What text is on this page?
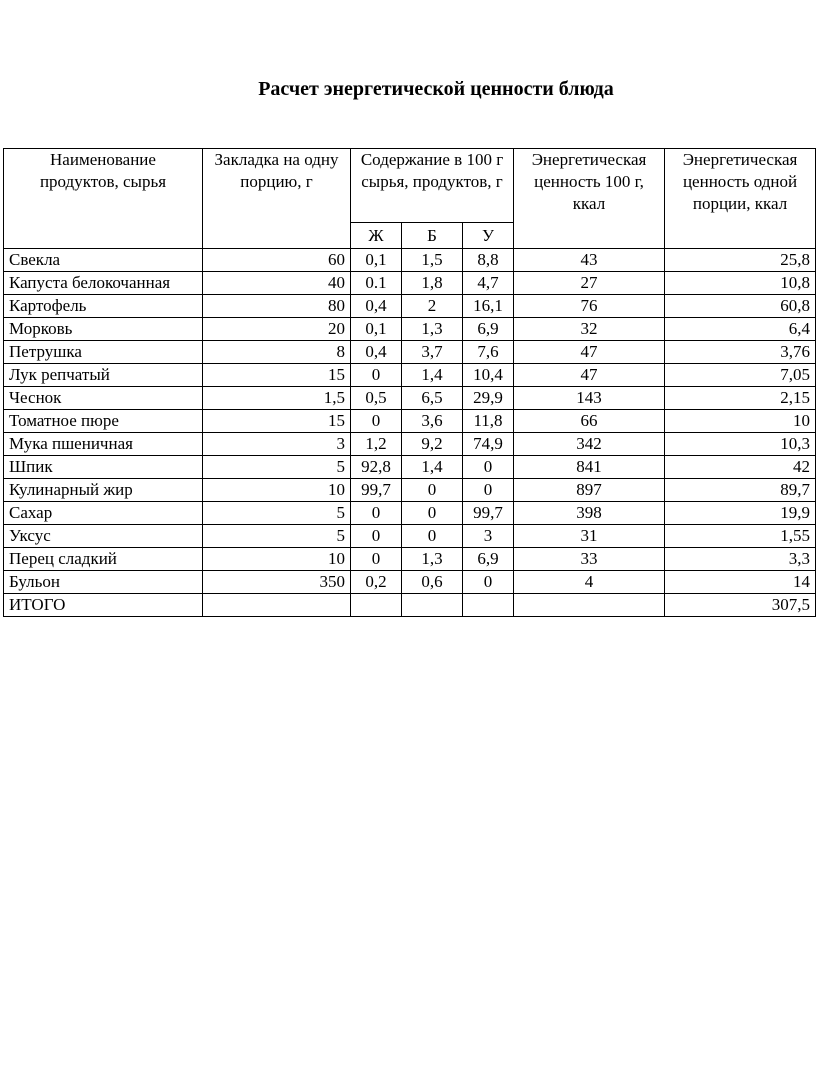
Расчет энергетической ценности блюда
Наименование продуктов, сырья	Закладка на одну порцию, г	Содержание в 100 г сырья, продуктов, г			Энергетическая ценность 100 г, ккал	Энергетическая ценность одной порции, ккал
		Ж	Б	У		
Свекла	60	0,1	1,5	8,8	43	25,8
Капуста белокочанная	40	0.1	1,8	4,7	27	10,8
Картофель	80	0,4	2	16,1	76	60,8
Морковь	20	0,1	1,3	6,9	32	6,4
Петрушка	8	0,4	3,7	7,6	47	3,76
Лук репчатый	15	0	1,4	10,4	47	7,05
Чеснок	1,5	0,5	6,5	29,9	143	2,15
Томатное пюре	15	0	3,6	11,8	66	10
Мука пшеничная	3	1,2	9,2	74,9	342	10,3
Шпик	5	92,8	1,4	0	841	42
Кулинарный жир	10	99,7	0	0	897	89,7
Сахар	5	0	0	99,7	398	19,9
Уксус	5	0	0	3	31	1,55
Перец сладкий	10	0	1,3	6,9	33	3,3
Бульон	350	0,2	0,6	0	4	14
ИТОГО						307,5
